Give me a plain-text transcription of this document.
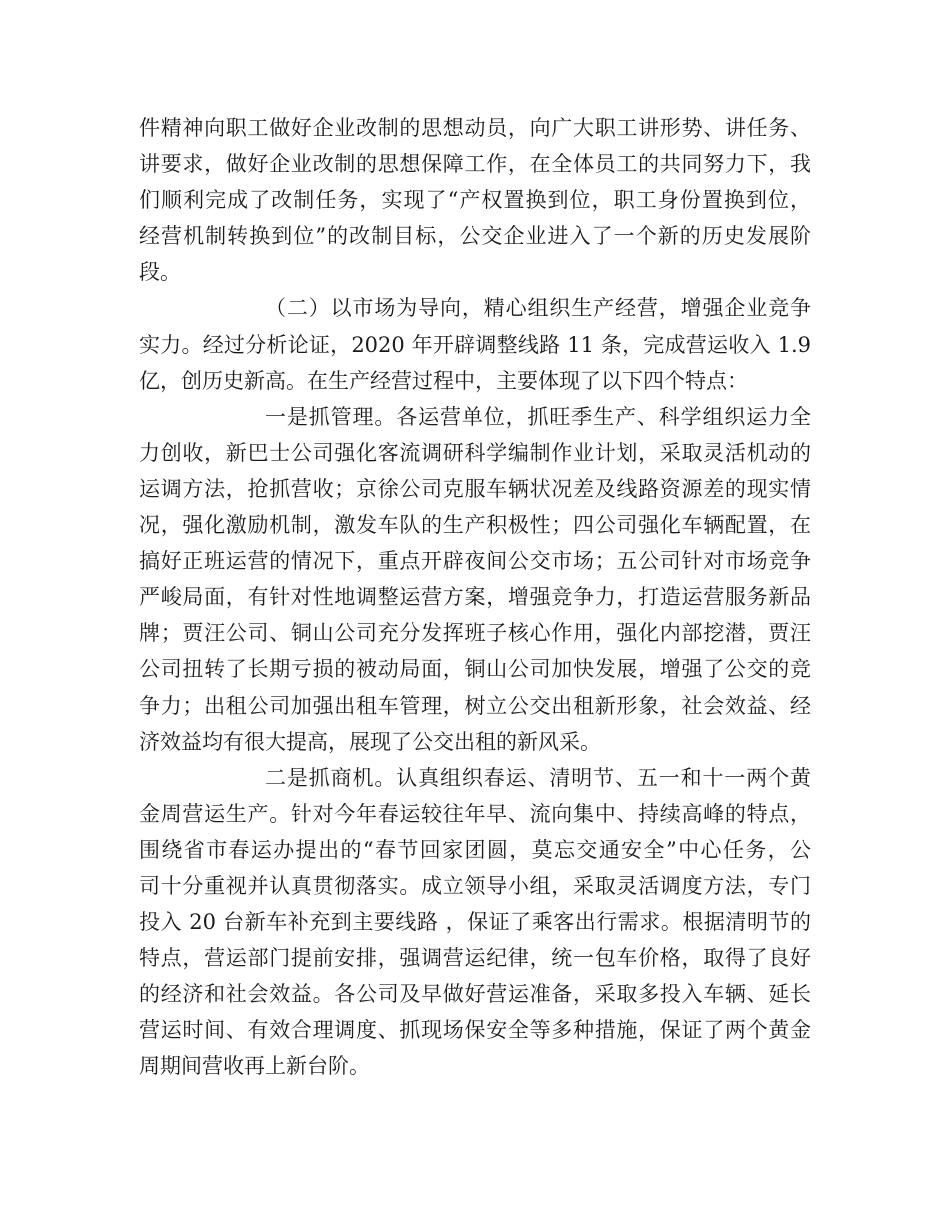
件精神向职工做好企业改制的思想动员，向广大职工讲形势、讲任务、
讲要求，做好企业改制的思想保障工作，在全体员工的共同努力下，我
们顺利完成了改制任务，实现了“产权置换到位，职工身份置换到位，
经营机制转换到位”的改制目标，公交企业进入了一个新的历史发展阶
段。
（二）以市场为导向，精心组织生产经营，增强企业竞争
实力。经过分析论证，2020 年开辟调整线路 11 条，完成营运收入 1.9
亿，创历史新高。在生产经营过程中，主要体现了以下四个特点：
一是抓管理。各运营单位，抓旺季生产、科学组织运力全
力创收，新巴士公司强化客流调研科学编制作业计划，采取灵活机动的
运调方法，抢抓营收；京徐公司克服车辆状况差及线路资源差的现实情
况，强化激励机制，激发车队的生产积极性；四公司强化车辆配置，在
搞好正班运营的情况下，重点开辟夜间公交市场；五公司针对市场竞争
严峻局面，有针对性地调整运营方案，增强竞争力，打造运营服务新品
牌；贾汪公司、铜山公司充分发挥班子核心作用，强化内部挖潜，贾汪
公司扭转了长期亏损的被动局面，铜山公司加快发展，增强了公交的竞
争力；出租公司加强出租车管理，树立公交出租新形象，社会效益、经
济效益均有很大提高，展现了公交出租的新风采。
二是抓商机。认真组织春运、清明节、五一和十一两个黄
金周营运生产。针对今年春运较往年早、流向集中、持续高峰的特点，
围绕省市春运办提出的“春节回家团圆，莫忘交通安全”中心任务，公
司十分重视并认真贯彻落实。成立领导小组，采取灵活调度方法，专门
投入 20 台新车补充到主要线路 ，保证了乘客出行需求。根据清明节的
特点，营运部门提前安排，强调营运纪律，统一包车价格，取得了良好
的经济和社会效益。各公司及早做好营运准备，采取多投入车辆、延长
营运时间、有效合理调度、抓现场保安全等多种措施，保证了两个黄金
周期间营收再上新台阶。
